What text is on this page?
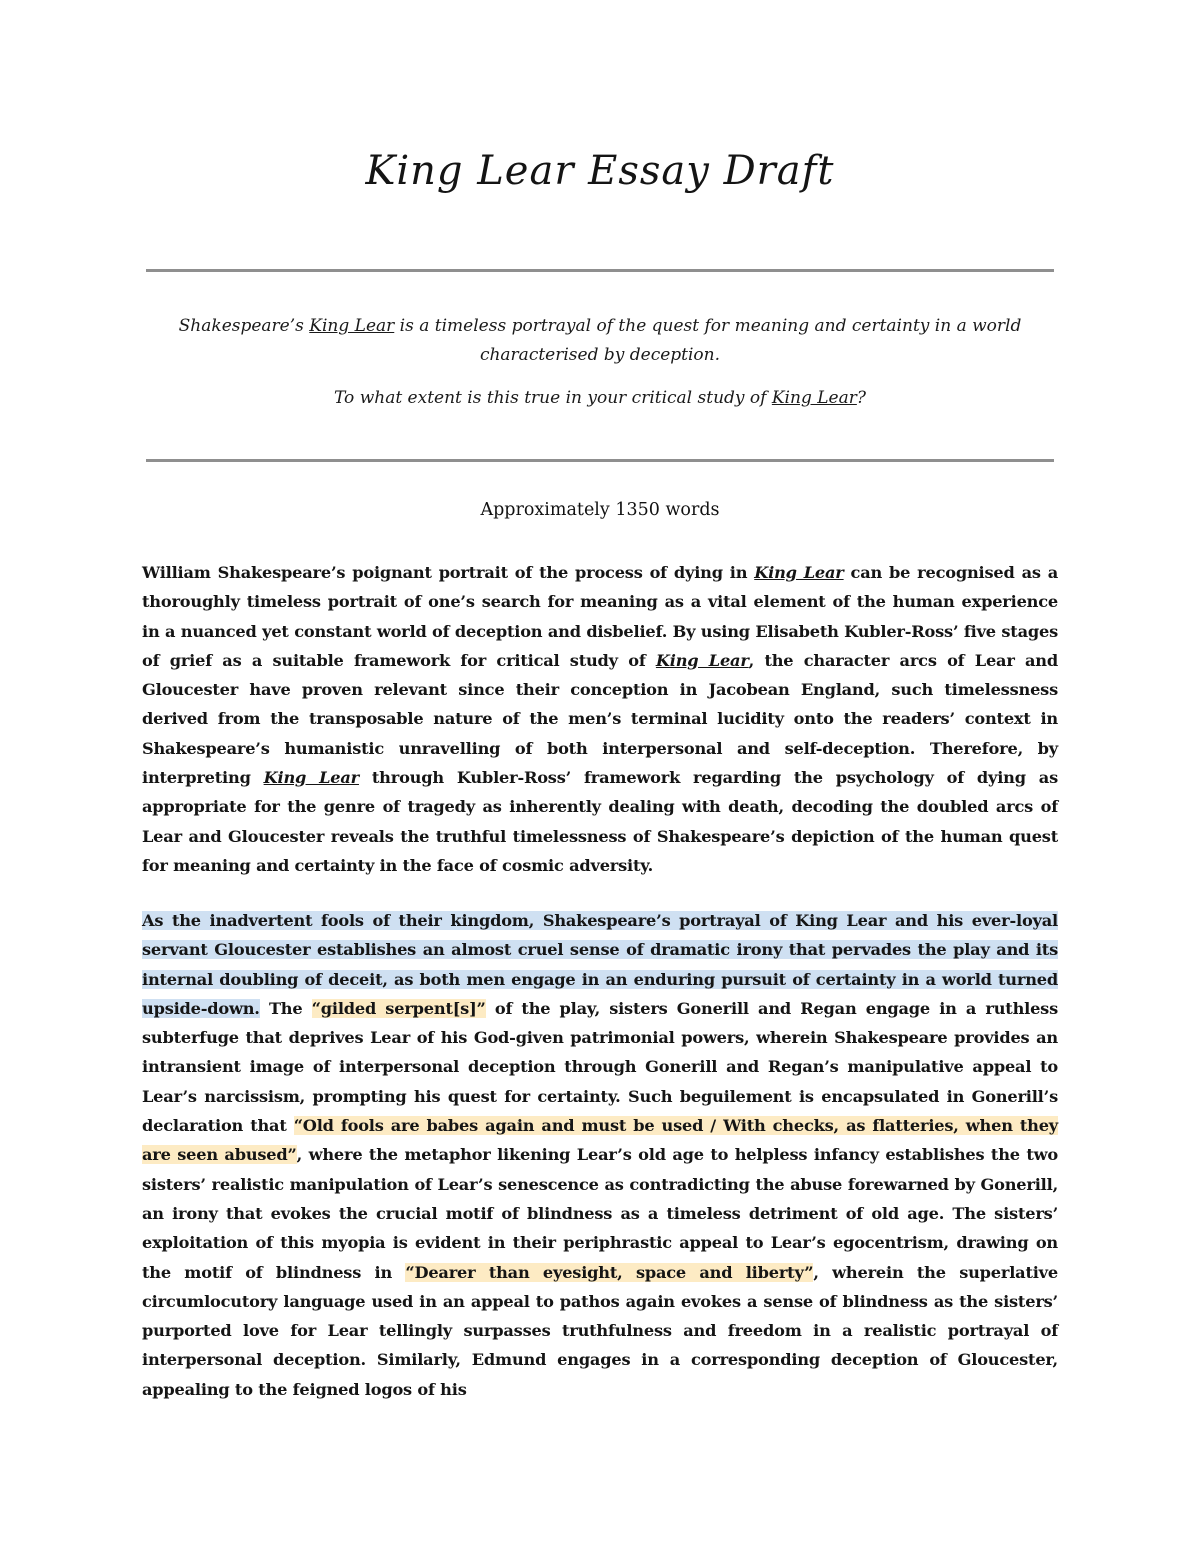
King Lear Essay Draft
Shakespeare’s King Lear is a timeless portrayal of the quest for meaning and certainty in a world characterised by deception.
To what extent is this true in your critical study of King Lear?
Approximately 1350 words
William Shakespeare’s poignant portrait of the process of dying in King Lear can be recognised as a thoroughly timeless portrait of one’s search for meaning as a vital element of the human experience in a nuanced yet constant world of deception and disbelief. By using Elisabeth Kubler-Ross’ five stages of grief as a suitable framework for critical study of King Lear, the character arcs of Lear and Gloucester have proven relevant since their conception in Jacobean England, such timelessness derived from the transposable nature of the men’s terminal lucidity onto the readers’ context in Shakespeare’s humanistic unravelling of both interpersonal and self-deception. Therefore, by interpreting King Lear through Kubler-Ross’ framework regarding the psychology of dying as appropriate for the genre of tragedy as inherently dealing with death, decoding the doubled arcs of Lear and Gloucester reveals the truthful timelessness of Shakespeare’s depiction of the human quest for meaning and certainty in the face of cosmic adversity.
As the inadvertent fools of their kingdom, Shakespeare’s portrayal of King Lear and his ever-loyal servant Gloucester establishes an almost cruel sense of dramatic irony that pervades the play and its internal doubling of deceit, as both men engage in an enduring pursuit of certainty in a world turned upside-down. The “gilded serpent[s]” of the play, sisters Gonerill and Regan engage in a ruthless subterfuge that deprives Lear of his God-given patrimonial powers, wherein Shakespeare provides an intransient image of interpersonal deception through Gonerill and Regan’s manipulative appeal to Lear’s narcissism, prompting his quest for certainty. Such beguilement is encapsulated in Gonerill’s declaration that “Old fools are babes again and must be used / With checks, as flatteries, when they are seen abused”, where the metaphor likening Lear’s old age to helpless infancy establishes the two sisters’ realistic manipulation of Lear’s senescence as contradicting the abuse forewarned by Gonerill, an irony that evokes the crucial motif of blindness as a timeless detriment of old age. The sisters’ exploitation of this myopia is evident in their periphrastic appeal to Lear’s egocentrism, drawing on the motif of blindness in “Dearer than eyesight, space and liberty”, wherein the superlative circumlocutory language used in an appeal to pathos again evokes a sense of blindness as the sisters’ purported love for Lear tellingly surpasses truthfulness and freedom in a realistic portrayal of interpersonal deception. Similarly, Edmund engages in a corresponding deception of Gloucester, appealing to the feigned logos of his
